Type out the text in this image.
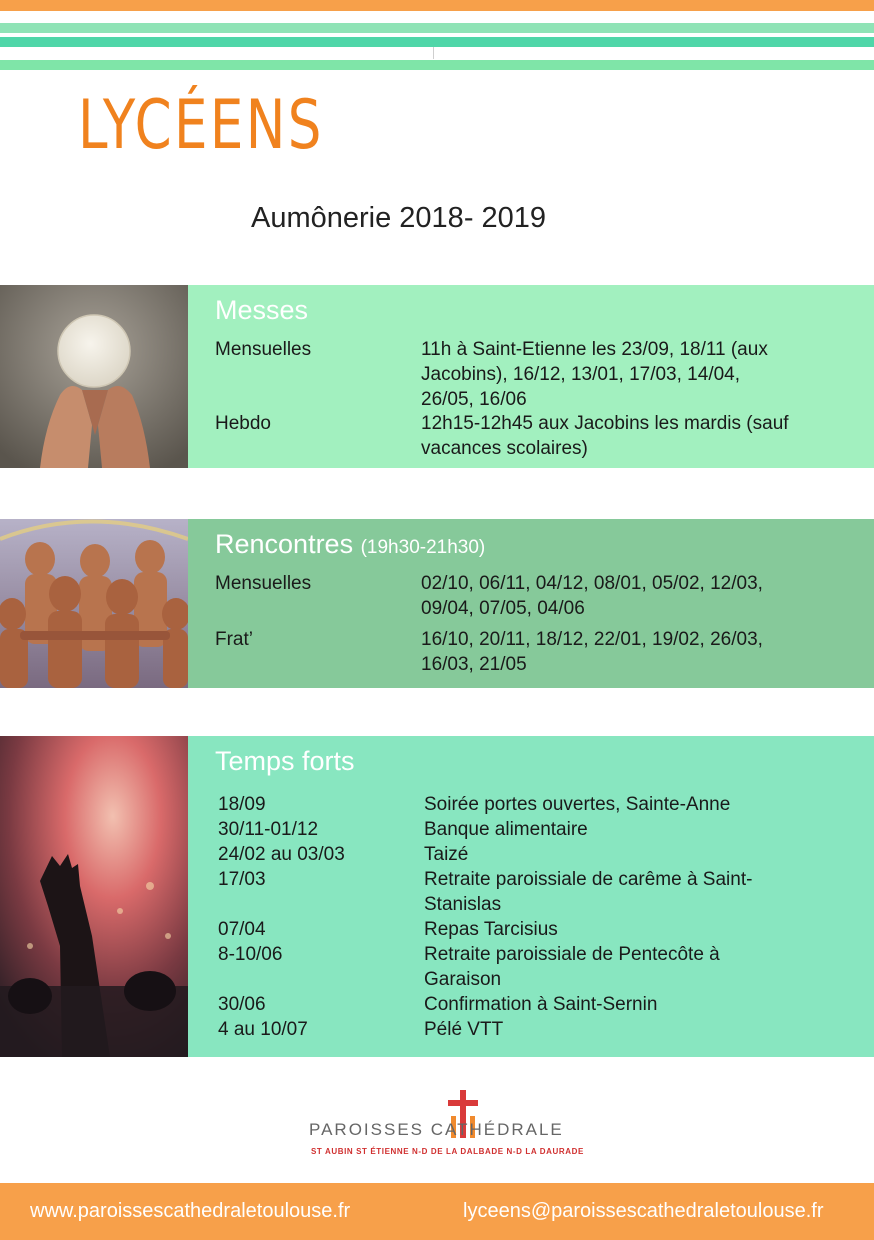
LYCÉENS
Aumônerie 2018- 2019
Messes
Mensuelles	11h à Saint-Etienne les 23/09, 18/11 (aux
Jacobins), 16/12, 13/01, 17/03, 14/04,
26/05, 16/06
Hebdo	12h15-12h45 aux Jacobins les mardis (sauf
vacances scolaires)
Rencontres (19h30-21h30)
Mensuelles	02/10, 06/11, 04/12, 08/01, 05/02, 12/03,
09/04, 07/05, 04/06
Frat’	16/10, 20/11, 18/12, 22/01, 19/02, 26/03,
16/03, 21/05
Temps forts
18/09	Soirée portes ouvertes, Sainte-Anne
30/11-01/12	Banque alimentaire
24/02 au 03/03	Taizé
17/03	Retraite paroissiale de carême à Saint-
Stanislas
07/04	Repas Tarcisius
8-10/06	Retraite paroissiale de Pentecôte à
Garaison
30/06	Confirmation à Saint-Sernin
4 au 10/07	Pélé VTT
PAROISSES CATHÉDRALE
ST AUBIN ST ÉTIENNE N-D DE LA DALBADE N-D LA DAURADE
www.paroissescathedraletoulouse.fr	lyceens@paroissescathedraletoulouse.fr
